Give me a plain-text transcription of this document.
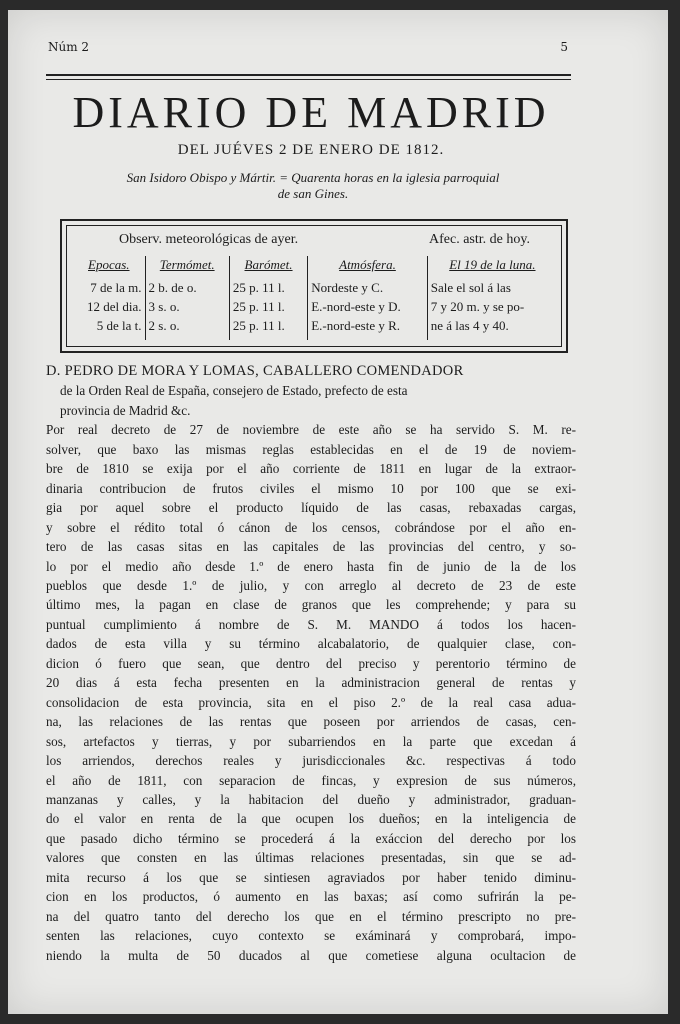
Núm 2	5
DIARIO DE MADRID
DEL JUÉVES 2 DE ENERO DE 1812.
San Isidoro Obispo y Mártir. = Quarenta horas en la iglesia parroquial
de san Gines.
Observ. meteorológicas de ayer.	Afec. astr. de hoy.
Epocas.
7 de la m.
12 del dia.
5 de la t.
Termómet.
2 b. de o.
3 s. o.
2 s. o.
Barómet.
25 p. 11 l.
25 p. 11 l.
25 p. 11 l.
Atmósfera.
Nordeste y C.
E.-nord-este y D.
E.-nord-este y R.
El 19 de la luna.
Sale el sol á las
7 y 20 m. y se po-
ne á las 4 y 40.
D. PEDRO DE MORA Y LOMAS, CABALLERO COMENDADOR
de la Orden Real de España, consejero de Estado, prefecto de esta
provincia de Madrid &c.
Por real decreto de 27 de noviembre de este año se ha servido S. M. re-
solver, que baxo las mismas reglas establecidas en el de 19 de noviem-
bre de 1810 se exija por el año corriente de 1811 en lugar de la extraor-
dinaria contribucion de frutos civiles el mismo 10 por 100 que se exi-
gia por aquel sobre el producto líquido de las casas, rebaxadas cargas,
y sobre el rédito total ó cánon de los censos, cobrándose por el año en-
tero de las casas sitas en las capitales de las provincias del centro, y so-
lo por el medio año desde 1.º de enero hasta fin de junio de la de los
pueblos que desde 1.º de julio, y con arreglo al decreto de 23 de este
último mes, la pagan en clase de granos que les comprehende; y para su
puntual cumplimiento á nombre de S. M. MANDO á todos los hacen-
dados de esta villa y su término alcabalatorio, de qualquier clase, con-
dicion ó fuero que sean, que dentro del preciso y perentorio término de
20 dias á esta fecha presenten en la administracion general de rentas y
consolidacion de esta provincia, sita en el piso 2.º de la real casa adua-
na, las relaciones de las rentas que poseen por arriendos de casas, cen-
sos, artefactos y tierras, y por subarriendos en la parte que excedan á
los arriendos, derechos reales y jurisdiccionales &c. respectivas á todo
el año de 1811, con separacion de fincas, y expresion de sus números,
manzanas y calles, y la habitacion del dueño y administrador, graduan-
do el valor en renta de la que ocupen los dueños; en la inteligencia de
que pasado dicho término se procederá á la exáccion del derecho por los
valores que consten en las últimas relaciones presentadas, sin que se ad-
mita recurso á los que se sintiesen agraviados por haber tenido diminu-
cion en los productos, ó aumento en las baxas; así como sufrirán la pe-
na del quatro tanto del derecho los que en el término prescripto no pre-
senten las relaciones, cuyo contexto se exáminará y comprobará, impo-
niendo la multa de 50 ducados al que cometiese alguna ocultacion de
